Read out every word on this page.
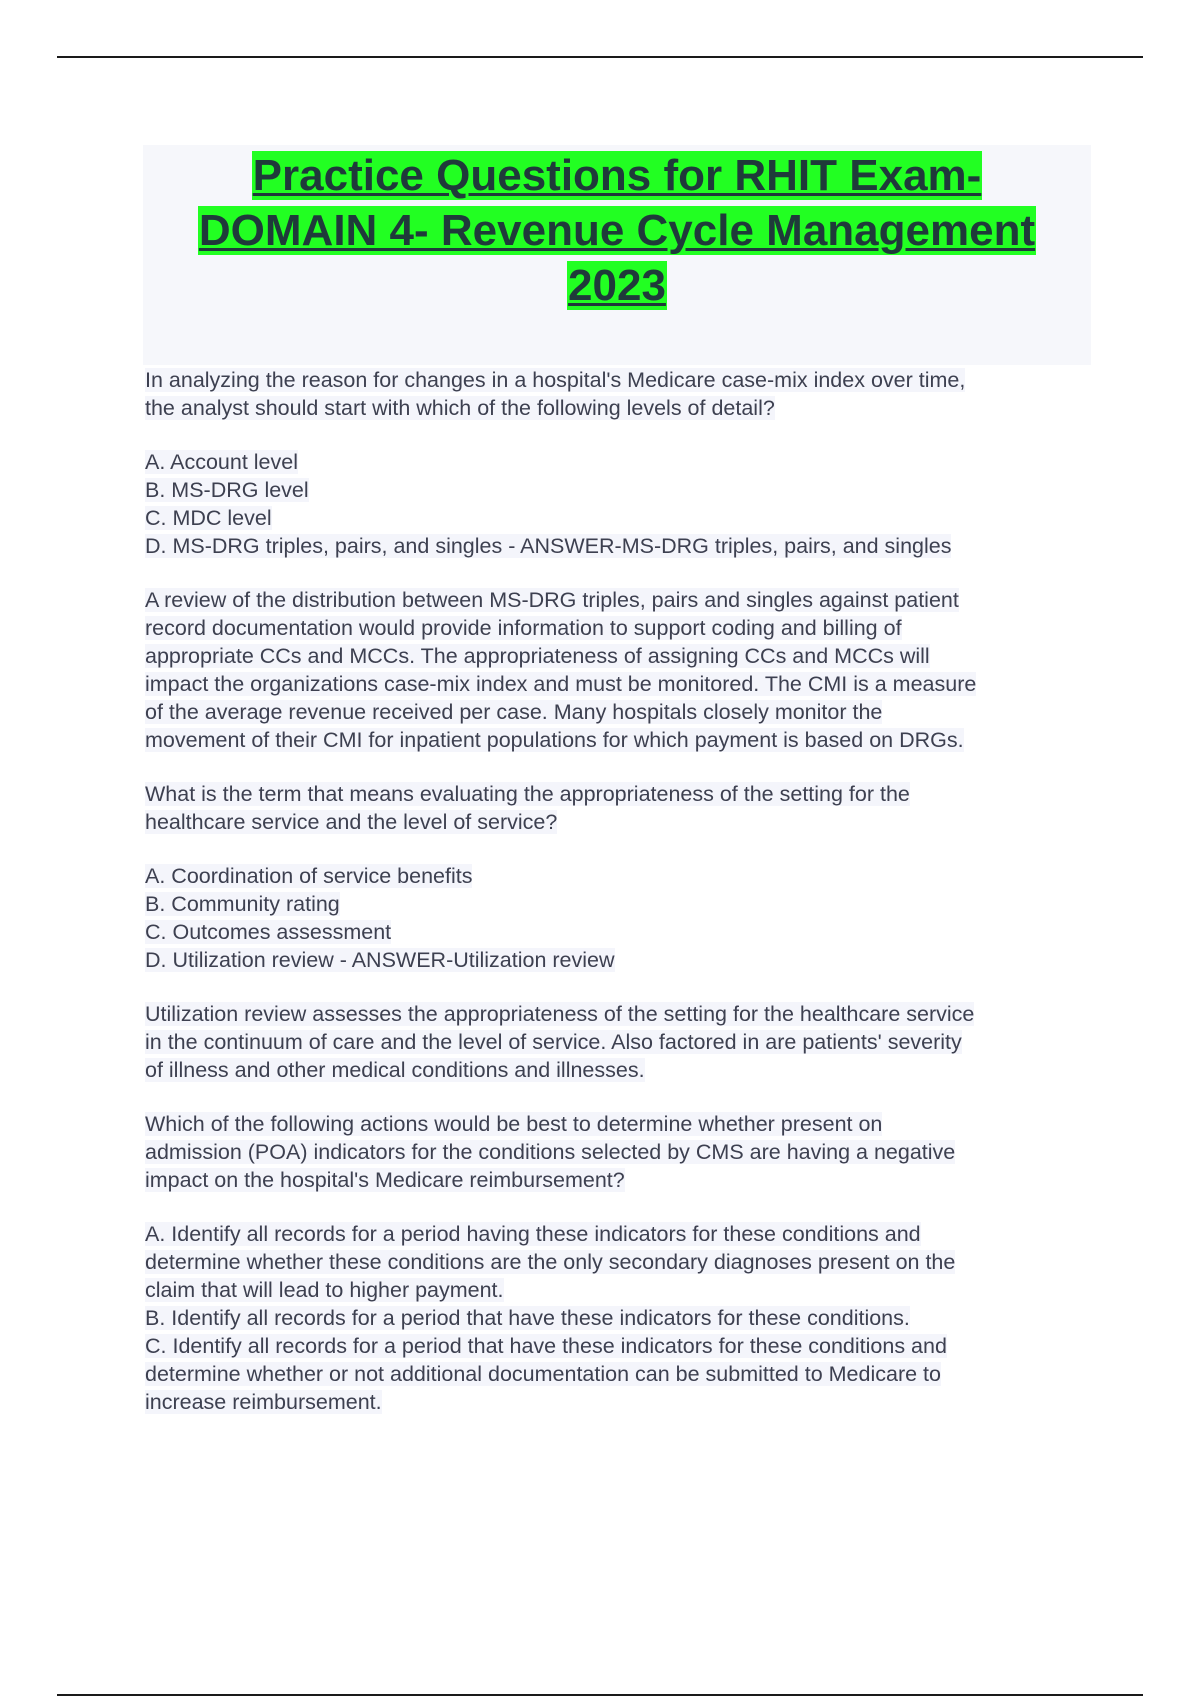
Practice Questions for RHIT Exam-

DOMAIN 4- Revenue Cycle Management

2023

In analyzing the reason for changes in a hospital's Medicare case-mix index over time,

the analyst should start with which of the following levels of detail?

A. Account level

B. MS-DRG level

C. MDC level

D. MS-DRG triples, pairs, and singles - ANSWER-MS-DRG triples, pairs, and singles

A review of the distribution between MS-DRG triples, pairs and singles against patient

record documentation would provide information to support coding and billing of

appropriate CCs and MCCs. The appropriateness of assigning CCs and MCCs will

impact the organizations case-mix index and must be monitored. The CMI is a measure

of the average revenue received per case. Many hospitals closely monitor the

movement of their CMI for inpatient populations for which payment is based on DRGs.

What is the term that means evaluating the appropriateness of the setting for the

healthcare service and the level of service?

A. Coordination of service benefits

B. Community rating

C. Outcomes assessment

D. Utilization review - ANSWER-Utilization review

Utilization review assesses the appropriateness of the setting for the healthcare service

in the continuum of care and the level of service. Also factored in are patients' severity

of illness and other medical conditions and illnesses.

Which of the following actions would be best to determine whether present on

admission (POA) indicators for the conditions selected by CMS are having a negative

impact on the hospital's Medicare reimbursement?

A. Identify all records for a period having these indicators for these conditions and

determine whether these conditions are the only secondary diagnoses present on the

claim that will lead to higher payment.

B. Identify all records for a period that have these indicators for these conditions.

C. Identify all records for a period that have these indicators for these conditions and

determine whether or not additional documentation can be submitted to Medicare to

increase reimbursement.
